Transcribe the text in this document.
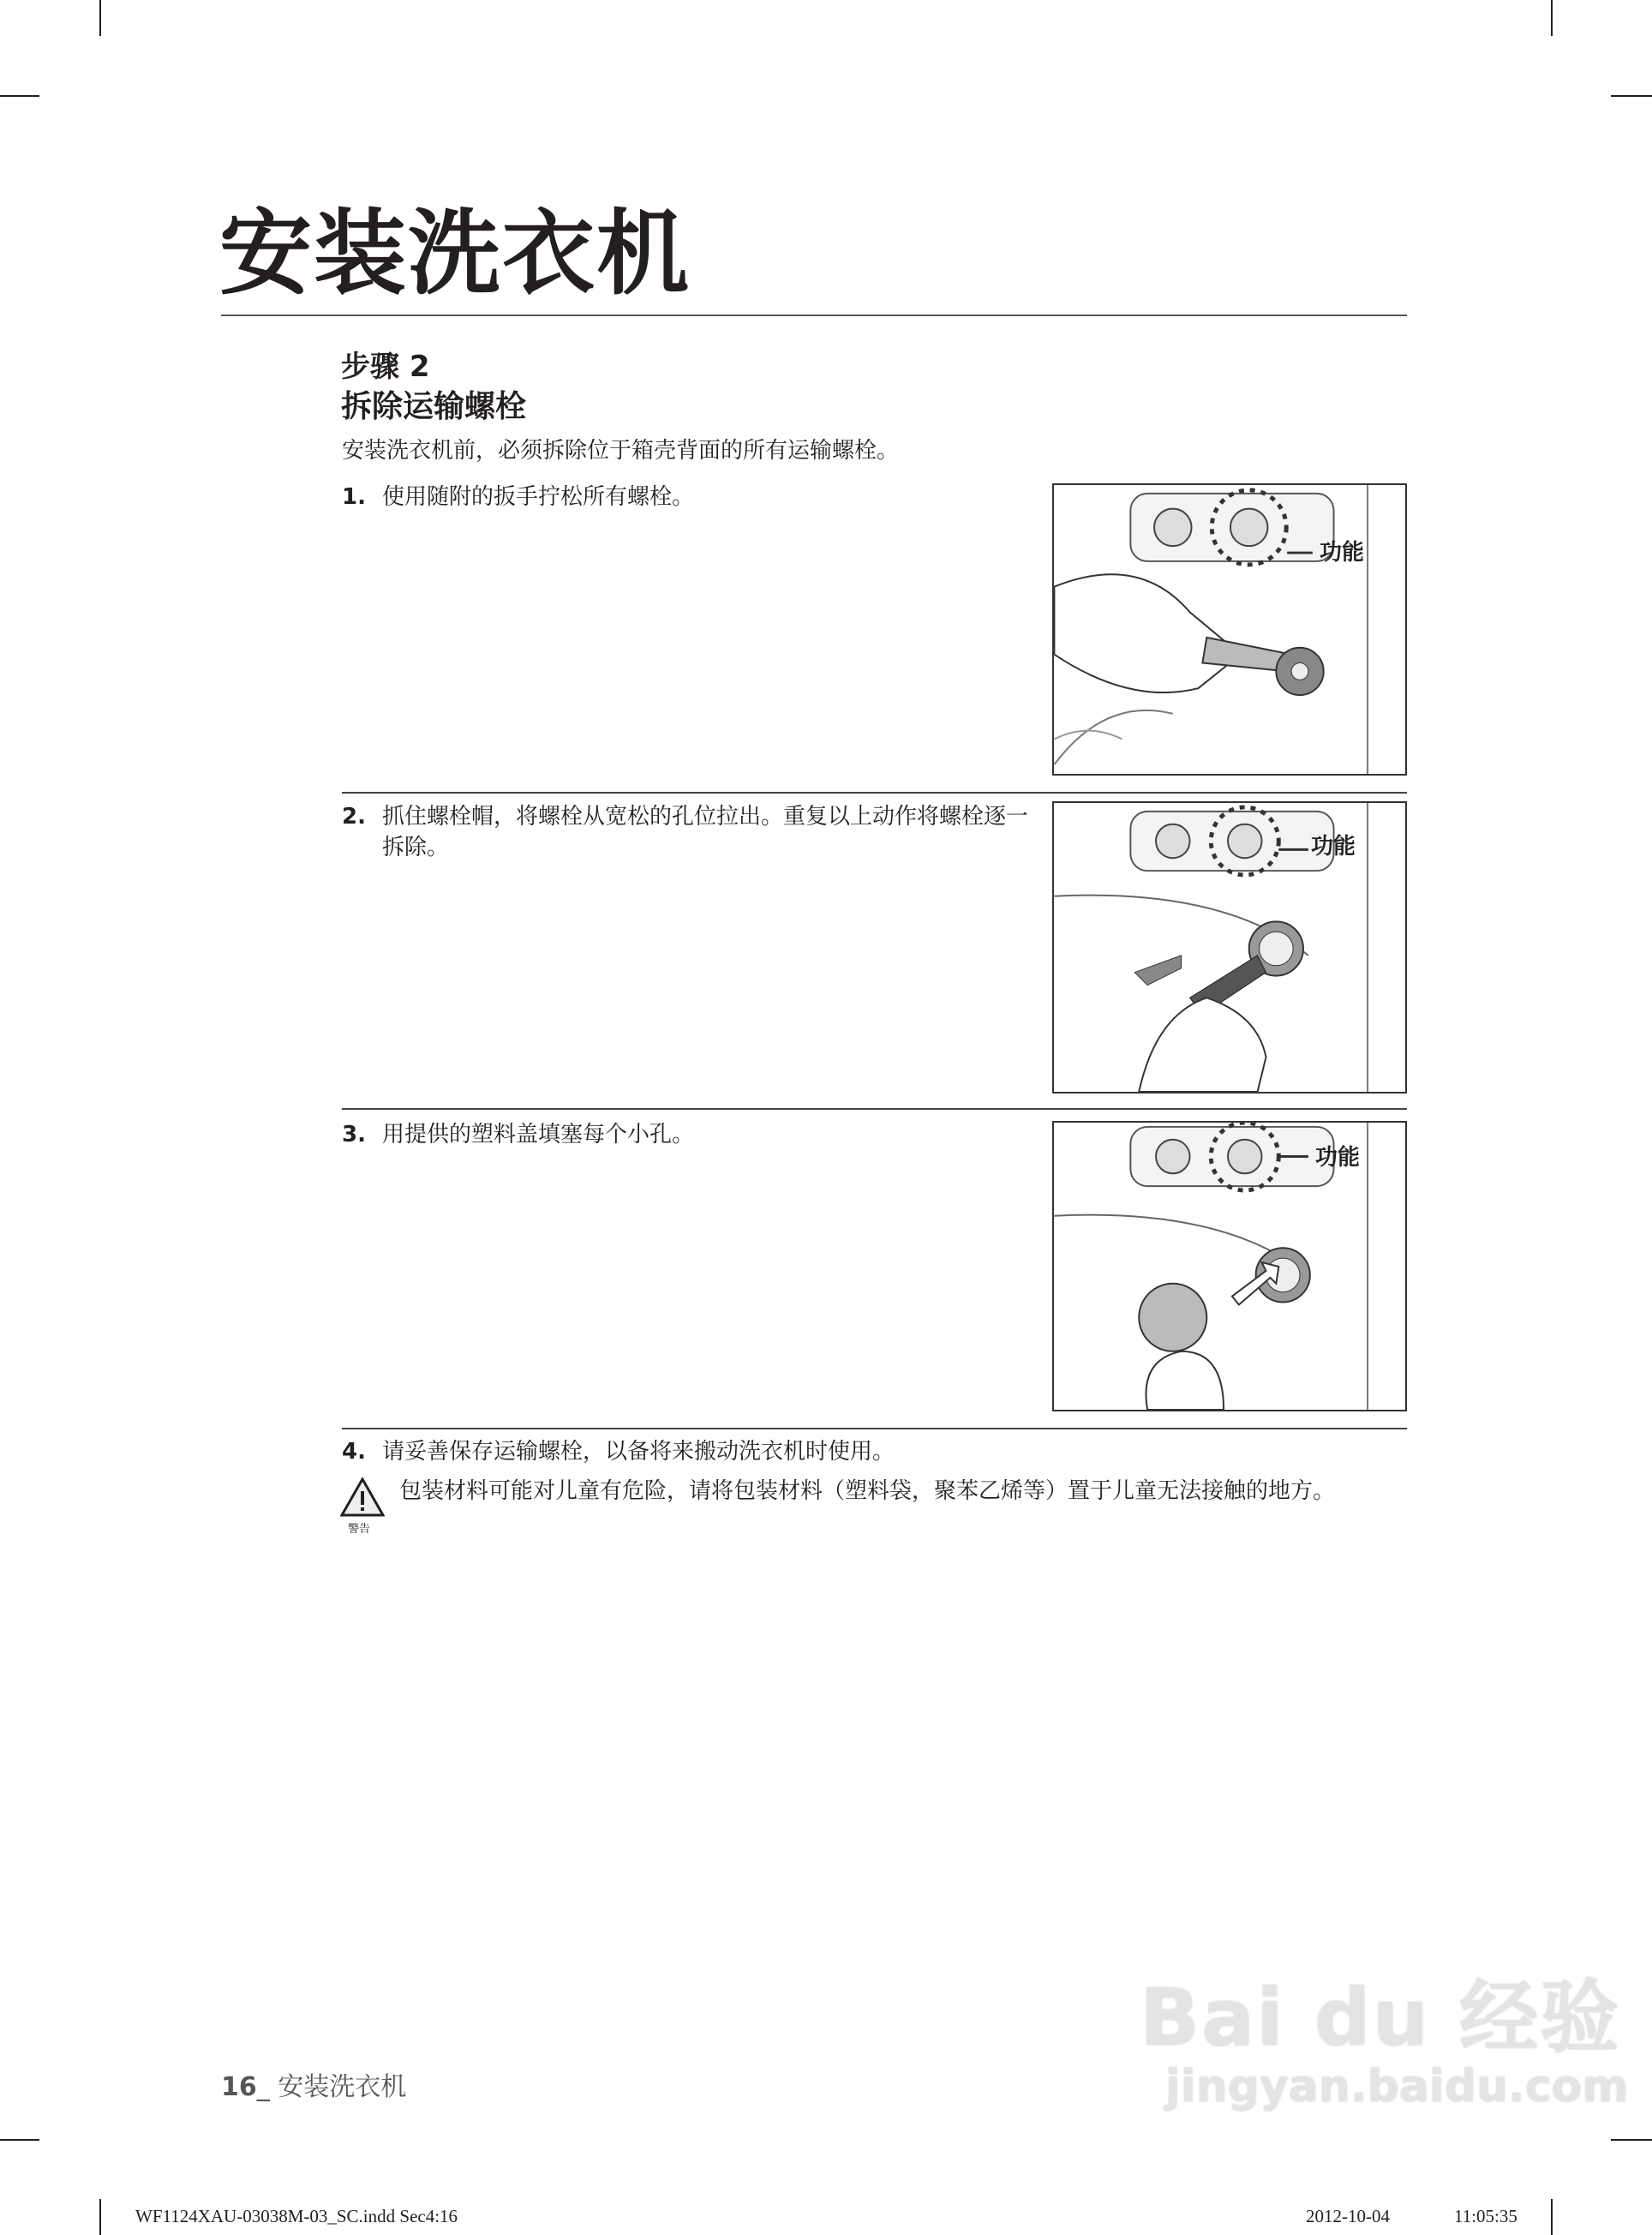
安装洗衣机
步骤 2
拆除运输螺栓
安装洗衣机前，必须拆除位于箱壳背面的所有运输螺栓。
1. 使用随附的扳手拧松所有螺栓。
功能
2. 抓住螺栓帽，将螺栓从宽松的孔位拉出。重复以上动作将螺栓逐一拆除。	功能
3. 用提供的塑料盖填塞每个小孔。
功能
4. 请妥善保存运输螺栓，以备将来搬动洗衣机时使用。
警告
包装材料可能对儿童有危险，请将包装材料（塑料袋，聚苯乙烯等）置于儿童无法接触的地方。
16_ 安装洗衣机
Bai du 经验
jingyan.baidu.com
WF1124XAU-03038M-03_SC.indd Sec4:16	2012-10-04	11:05:35
